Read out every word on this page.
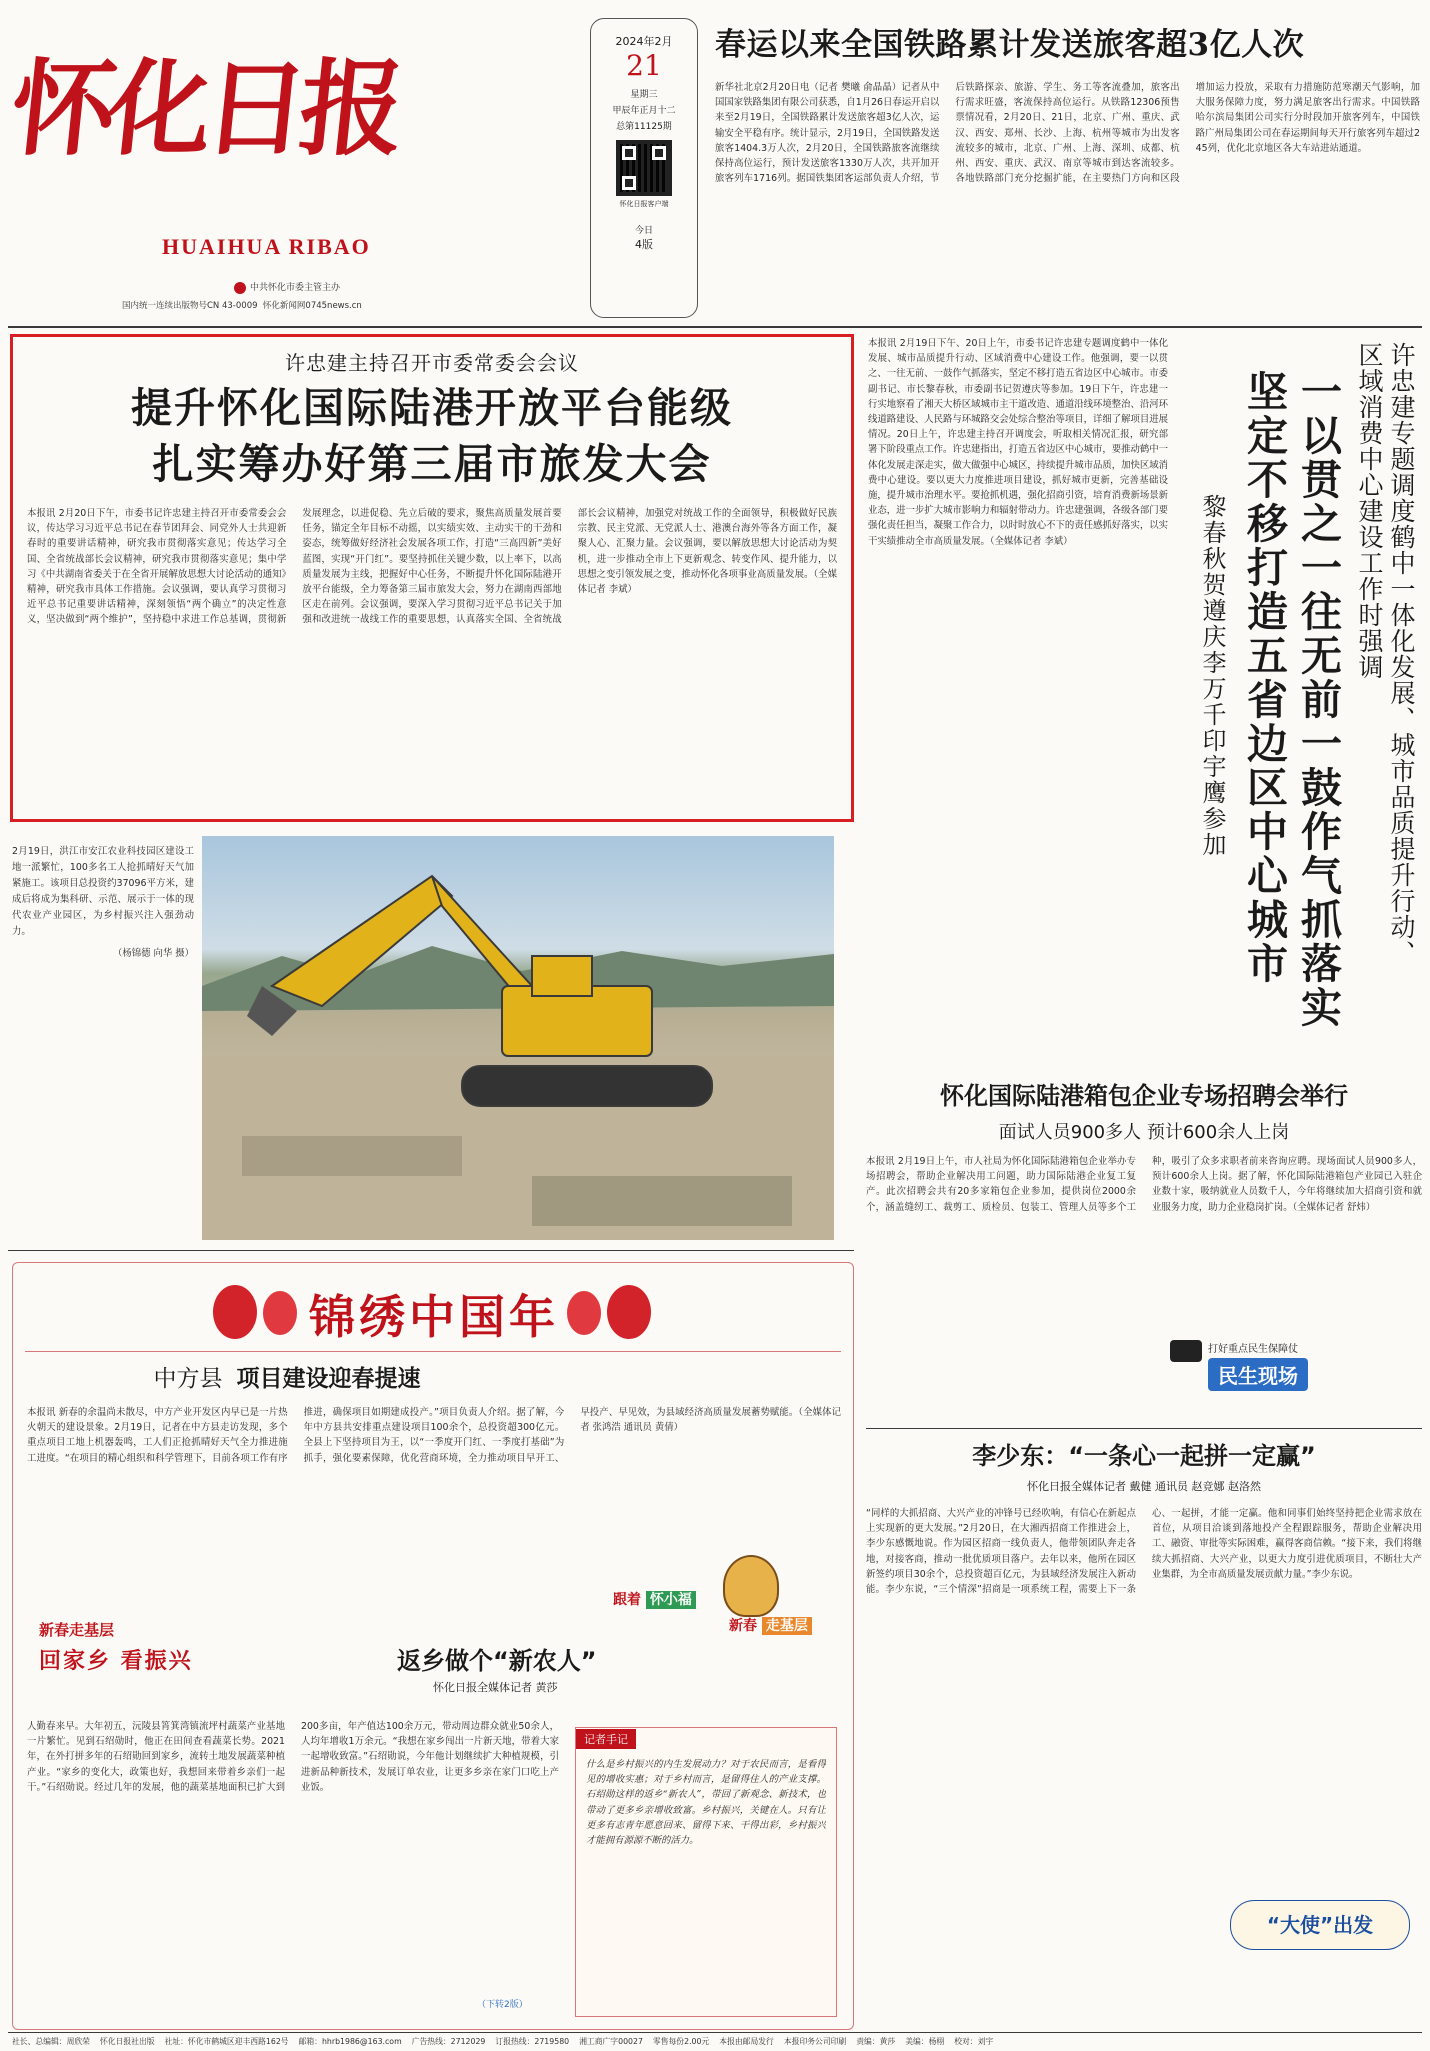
怀化日报
HUAIHUA RIBAO
中共怀化市委主管主办
国内统一连续出版物号CN 43-0009 怀化新闻网0745news.cn
2024年2月
21
星期三
甲辰年正月十二
总第11125期
怀化日报客户端
今日
4版
春运以来全国铁路累计发送旅客超3亿人次
新华社北京2月20日电（记者 樊曦 俞晶晶）记者从中国国家铁路集团有限公司获悉，自1月26日春运开启以来至2月19日，全国铁路累计发送旅客超3亿人次，运输安全平稳有序。统计显示，2月19日，全国铁路发送旅客1404.3万人次，2月20日，全国铁路旅客流继续保持高位运行，预计发送旅客1330万人次，共开加开旅客列车1716列。据国铁集团客运部负责人介绍，节后铁路探亲、旅游、学生、务工等客流叠加，旅客出行需求旺盛，客流保持高位运行。从铁路12306预售票情况看，2月20日、21日，北京、广州、重庆、武汉、西安、郑州、长沙、上海、杭州等城市为出发客流较多的城市，北京、广州、上海、深圳、成都、杭州、西安、重庆、武汉、南京等城市到达客流较多。各地铁路部门充分挖掘扩能，在主要热门方向和区段增加运力投放，采取有力措施防范寒潮天气影响，加大服务保障力度，努力满足旅客出行需求。中国铁路哈尔滨局集团公司实行分时段加开旅客列车，中国铁路广州局集团公司在春运期间每天开行旅客列车超过245列，优化北京地区各大车站进站通道。
许忠建主持召开市委常委会会议
提升怀化国际陆港开放平台能级
扎实筹办好第三届市旅发大会
本报讯 2月20日下午，市委书记许忠建主持召开市委常委会会议，传达学习习近平总书记在春节团拜会、同党外人士共迎新春时的重要讲话精神，研究我市贯彻落实意见；传达学习全国、全省统战部长会议精神，研究我市贯彻落实意见；集中学习《中共湖南省委关于在全省开展解放思想大讨论活动的通知》精神，研究我市具体工作措施。会议强调，要认真学习贯彻习近平总书记重要讲话精神，深刻领悟“两个确立”的决定性意义，坚决做到“两个维护”，坚持稳中求进工作总基调，贯彻新发展理念，以进促稳、先立后破的要求，聚焦高质量发展首要任务，锚定全年目标不动摇，以实绩实效、主动实干的干劲和姿态，统筹做好经济社会发展各项工作，打造“三高四新”美好蓝图，实现“开门红”。要坚持抓住关键少数，以上率下，以高质量发展为主线，把握好中心任务，不断提升怀化国际陆港开放平台能级，全力筹备第三届市旅发大会，努力在湖南西部地区走在前列。会议强调，要深入学习贯彻习近平总书记关于加强和改进统一战线工作的重要思想，认真落实全国、全省统战部长会议精神，加强党对统战工作的全面领导，积极做好民族宗教、民主党派、无党派人士、港澳台海外等各方面工作，凝聚人心、汇聚力量。会议强调，要以解放思想大讨论活动为契机，进一步推动全市上下更新观念、转变作风、提升能力，以思想之变引领发展之变，推动怀化各项事业高质量发展。（全媒体记者 李斌）
本报讯 2月19日下午、20日上午，市委书记许忠建专题调度鹤中一体化发展、城市品质提升行动、区域消费中心建设工作。他强调，要一以贯之、一往无前、一鼓作气抓落实，坚定不移打造五省边区中心城市。市委副书记、市长黎春秋，市委副书记贺遵庆等参加。19日下午，许忠建一行实地察看了湘天大桥区域城市主干道改造、通道沿线环境整治、沿河环线道路建设、人民路与环城路交会处综合整治等项目，详细了解项目进展情况。20日上午，许忠建主持召开调度会，听取相关情况汇报，研究部署下阶段重点工作。许忠建指出，打造五省边区中心城市，要推动鹤中一体化发展走深走实，做大做强中心城区，持续提升城市品质，加快区域消费中心建设。要以更大力度推进项目建设，抓好城市更新，完善基础设施，提升城市治理水平。要抢抓机遇，强化招商引资，培育消费新场景新业态，进一步扩大城市影响力和辐射带动力。许忠建强调，各级各部门要强化责任担当，凝聚工作合力，以时时放心不下的责任感抓好落实，以实干实绩推动全市高质量发展。（全媒体记者 李斌）	许忠建专题调度鹤中一体化发展、城市品质提升行动、
区域消费中心建设工作时强调
一以贯之一往无前一鼓作气抓落实
坚定不移打造五省边区中心城市
黎春秋贺遵庆李万千印宇鹰参加
2月19日，洪江市安江农业科技园区建设工地一派繁忙，100多名工人抢抓晴好天气加紧施工。该项目总投资约37096平方米，建成后将成为集科研、示范、展示于一体的现代农业产业园区，为乡村振兴注入强劲动力。
（杨锦德 向华 摄）
怀化国际陆港箱包企业专场招聘会举行
面试人员900多人 预计600余人上岗
本报讯 2月19日上午，市人社局为怀化国际陆港箱包企业举办专场招聘会，帮助企业解决用工问题，助力国际陆港企业复工复产。此次招聘会共有20多家箱包企业参加，提供岗位2000余个，涵盖缝纫工、裁剪工、质检员、包装工、管理人员等多个工种，吸引了众多求职者前来咨询应聘。现场面试人员900多人，预计600余人上岗。据了解，怀化国际陆港箱包产业园已入驻企业数十家，吸纳就业人员数千人，今年将继续加大招商引资和就业服务力度，助力企业稳岗扩岗。（全媒体记者 舒炜）
打好重点民生保障仗
民生现场
李少东：“一条心一起拼一定赢”
怀化日报全媒体记者 戴健 通讯员 赵竞娜 赵洛然
“同样的大抓招商、大兴产业的冲锋号已经吹响，有信心在新起点上实现新的更大发展。”2月20日，在大湘西招商工作推进会上，李少东感慨地说。作为园区招商一线负责人，他带领团队奔走各地，对接客商，推动一批优质项目落户。去年以来，他所在园区新签约项目30余个，总投资超百亿元，为县域经济发展注入新动能。李少东说，“三个情深”招商是一项系统工程，需要上下一条心、一起拼，才能一定赢。他和同事们始终坚持把企业需求放在首位，从项目洽谈到落地投产全程跟踪服务，帮助企业解决用工、融资、审批等实际困难，赢得客商信赖。“接下来，我们将继续大抓招商、大兴产业，以更大力度引进优质项目，不断壮大产业集群，为全市高质量发展贡献力量。”李少东说。
“大使”出发
锦绣中国年
中方县 项目建设迎春提速
本报讯 新春的余温尚未散尽，中方产业开发区内早已是一片热火朝天的建设景象。2月19日，记者在中方县走访发现，多个重点项目工地上机器轰鸣，工人们正抢抓晴好天气全力推进施工进度。“在项目的精心组织和科学管理下，目前各项工作有序推进，确保项目如期建成投产。”项目负责人介绍。据了解，今年中方县共安排重点建设项目100余个，总投资超300亿元。全县上下坚持项目为王，以“一季度开门红、一季度打基础”为抓手，强化要素保障，优化营商环境，全力推动项目早开工、早投产、早见效，为县域经济高质量发展蓄势赋能。（全媒体记者 张鸿浩 通讯员 黄倩）
跟着 怀小福
新春 走基层
新春走基层
回家乡 看振兴	返乡做个“新农人”
怀化日报全媒体记者 黄莎
人勤春来早。大年初五，沅陵县筲箕湾镇流坪村蔬菜产业基地一片繁忙。见到石绍勋时，他正在田间查看蔬菜长势。2021年，在外打拼多年的石绍勋回到家乡，流转土地发展蔬菜种植产业。“家乡的变化大，政策也好，我想回来带着乡亲们一起干。”石绍勋说。经过几年的发展，他的蔬菜基地面积已扩大到200多亩，年产值达100余万元，带动周边群众就业50余人，人均年增收1万余元。“我想在家乡闯出一片新天地，带着大家一起增收致富。”石绍勋说，今年他计划继续扩大种植规模，引进新品种新技术，发展订单农业，让更多乡亲在家门口吃上产业饭。
（下转2版）
记者手记
什么是乡村振兴的内生发展动力？对于农民而言，是看得见的增收实惠；对于乡村而言，是留得住人的产业支撑。石绍勋这样的返乡“新农人”，带回了新观念、新技术，也带动了更多乡亲增收致富。乡村振兴，关键在人。只有让更多有志青年愿意回来、留得下来、干得出彩，乡村振兴才能拥有源源不断的活力。
社长、总编辑：周欣荣 怀化日报社出版 社址：怀化市鹤城区迎丰西路162号 邮箱：hhrb1986@163.com 广告热线：2712029 订报热线：2719580 湘工商广字00027 零售每份2.00元 本报由邮局发行 本报印务公司印刷 责编：黄莎 美编：杨栩 校对：刘宇
